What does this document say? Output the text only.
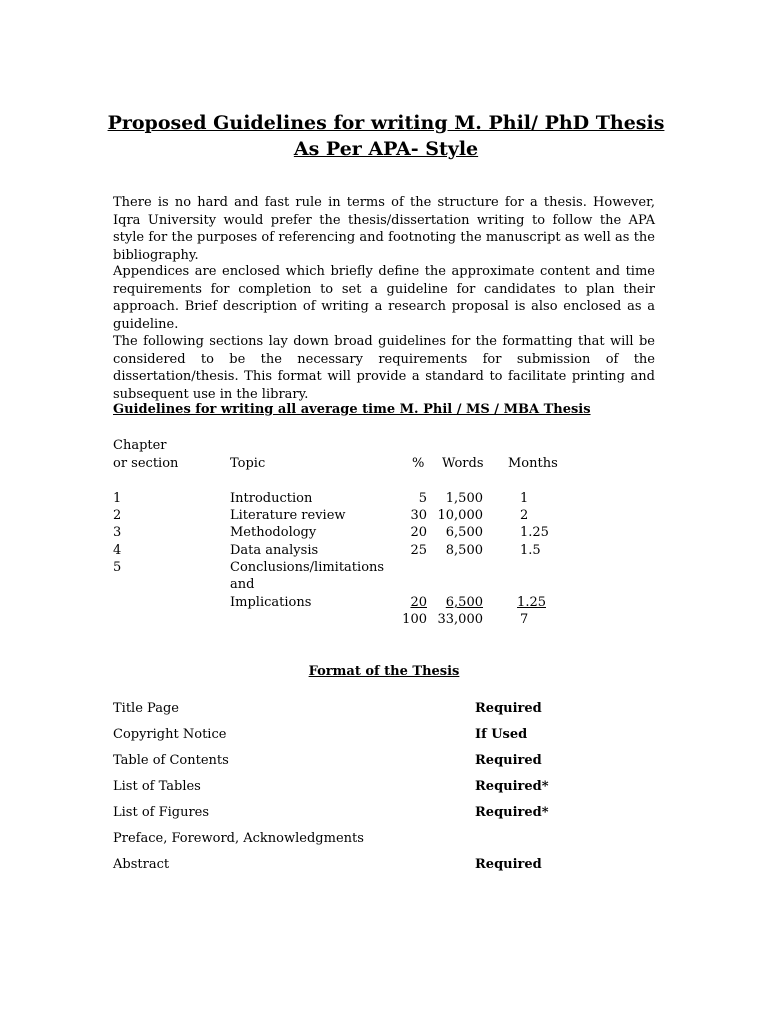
Proposed Guidelines for writing M. Phil/ PhD Thesis As Per APA- Style

There is no hard and fast rule in terms of the structure for a thesis. However, Iqra University would prefer the thesis/dissertation writing to follow the APA style for the purposes of referencing and footnoting the manuscript as well as the bibliography.

Appendices are enclosed which briefly define the approximate content and time requirements for completion to set a guideline for candidates to plan their approach. Brief description of writing a research proposal is also enclosed as a guideline.

The following sections lay down broad guidelines for the formatting that will be considered to be the necessary requirements for submission of the dissertation/thesis. This format will provide a standard to facilitate printing and subsequent use in the library.

Guidelines for writing all average time M. Phil / MS / MBA Thesis
Chapter
or section	Topic	% Words Months
1	Introduction	5	1,500	1
2	Literature review	30 10,000	2
3	Methodology	20	6,500	1.25
4	Data analysis	25	8,500	1.5
5	Conclusions/limitations
and
Implications	20	6,500	1.25
100 33,000	7
Format of the Thesis
Title Page	Required
Copyright Notice	If Used
Table of Contents	Required
List of Tables	Required*
List of Figures	Required*
Preface, Foreword, Acknowledgments
Abstract	Required
